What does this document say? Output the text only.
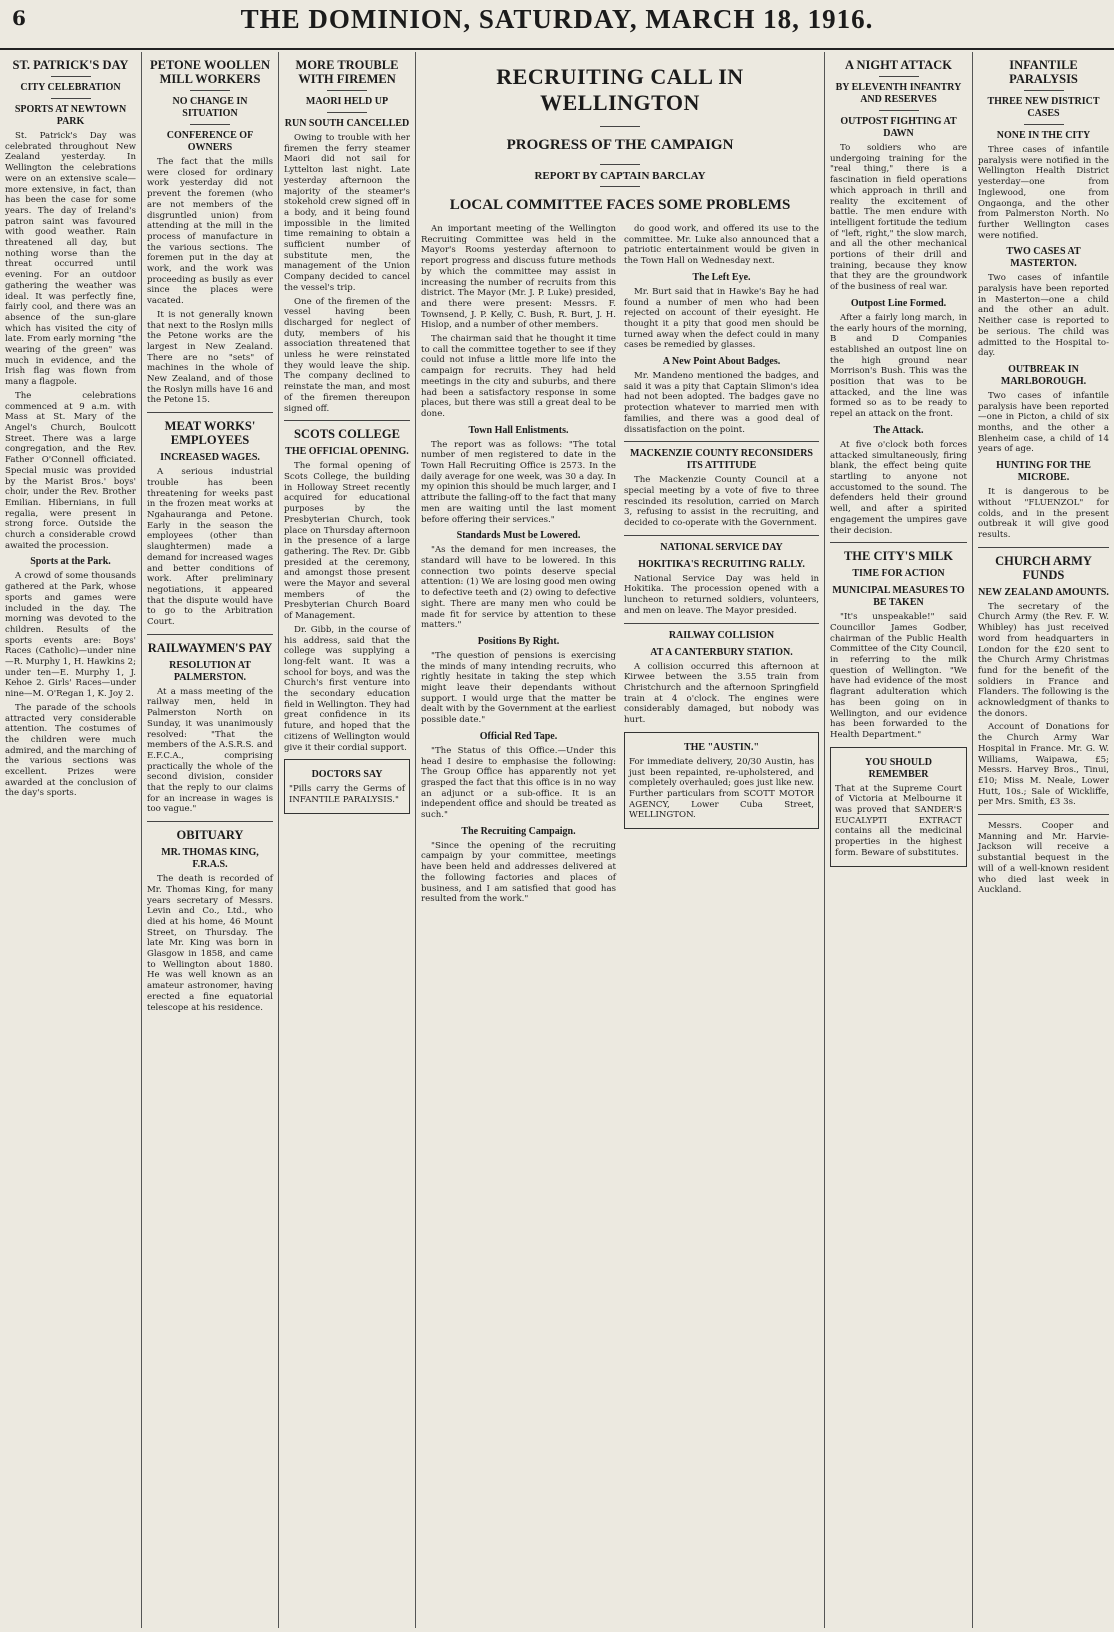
6	THE DOMINION, SATURDAY, MARCH 18, 1916.
ST. PATRICK'S DAY
CITY CELEBRATION
SPORTS AT NEWTOWN PARK

St. Patrick's Day was celebrated throughout New Zealand yesterday. In Wellington the celebrations were on an extensive scale—more extensive, in fact, than has been the case for some years. The day of Ireland's patron saint was favoured with good weather. Rain threatened all day, but nothing worse than the threat occurred until evening. For an outdoor gathering the weather was ideal. It was perfectly fine, fairly cool, and there was an absence of the sun-glare which has visited the city of late. From early morning "the wearing of the green" was much in evidence, and the Irish flag was flown from many a flagpole.

The celebrations commenced at 9 a.m. with Mass at St. Mary of the Angel's Church, Boulcott Street. There was a large congregation, and the Rev. Father O'Connell officiated. Special music was provided by the Marist Bros.' boys' choir, under the Rev. Brother Emilian. Hibernians, in full regalia, were present in strong force. Outside the church a considerable crowd awaited the procession.

Sports at the Park.

A crowd of some thousands gathered at the Park, whose sports and games were included in the day. The morning was devoted to the children. Results of the sports events are: Boys' Races (Catholic)—under nine—R. Murphy 1, H. Hawkins 2; under ten—E. Murphy 1, J. Kehoe 2. Girls' Races—under nine—M. O'Regan 1, K. Joy 2.

The parade of the schools attracted very considerable attention. The costumes of the children were much admired, and the marching of the various sections was excellent. Prizes were awarded at the conclusion of the day's sports.

PETONE WOOLLEN MILL WORKERS
NO CHANGE IN SITUATION
CONFERENCE OF OWNERS

The fact that the mills were closed for ordinary work yesterday did not prevent the foremen (who are not members of the disgruntled union) from attending at the mill in the process of manufacture in the various sections. The foremen put in the day at work, and the work was proceeding as busily as ever since the places were vacated.

It is not generally known that next to the Roslyn mills the Petone works are the largest in New Zealand. There are no "sets" of machines in the whole of New Zealand, and of those the Roslyn mills have 16 and the Petone 15.

MEAT WORKS' EMPLOYEES
INCREASED WAGES.

A serious industrial trouble has been threatening for weeks past in the frozen meat works at Ngahauranga and Petone. Early in the season the employees (other than slaughtermen) made a demand for increased wages and better conditions of work. After preliminary negotiations, it appeared that the dispute would have to go to the Arbitration Court.

RAILWAYMEN'S PAY
RESOLUTION AT PALMERSTON.

At a mass meeting of the railway men, held in Palmerston North on Sunday, it was unanimously resolved: "That the members of the A.S.R.S. and E.F.C.A., comprising practically the whole of the second division, consider that the reply to our claims for an increase in wages is too vague."

OBITUARY
MR. THOMAS KING, F.R.A.S.

The death is recorded of Mr. Thomas King, for many years secretary of Messrs. Levin and Co., Ltd., who died at his home, 46 Mount Street, on Thursday. The late Mr. King was born in Glasgow in 1858, and came to Wellington about 1880. He was well known as an amateur astronomer, having erected a fine equatorial telescope at his residence.

MORE TROUBLE WITH FIREMEN
MAORI HELD UP
RUN SOUTH CANCELLED

Owing to trouble with her firemen the ferry steamer Maori did not sail for Lyttelton last night. Late yesterday afternoon the majority of the steamer's stokehold crew signed off in a body, and it being found impossible in the limited time remaining to obtain a sufficient number of substitute men, the management of the Union Company decided to cancel the vessel's trip.

One of the firemen of the vessel having been discharged for neglect of duty, members of his association threatened that unless he were reinstated they would leave the ship. The company declined to reinstate the man, and most of the firemen thereupon signed off.

SCOTS COLLEGE
THE OFFICIAL OPENING.

The formal opening of Scots College, the building in Holloway Street recently acquired for educational purposes by the Presbyterian Church, took place on Thursday afternoon in the presence of a large gathering. The Rev. Dr. Gibb presided at the ceremony, and amongst those present were the Mayor and several members of the Presbyterian Church Board of Management.

Dr. Gibb, in the course of his address, said that the college was supplying a long-felt want. It was a school for boys, and was the Church's first venture into the secondary education field in Wellington. They had great confidence in its future, and hoped that the citizens of Wellington would give it their cordial support.

DOCTORS SAY

"Pills carry the Germs of INFANTILE PARALYSIS."

RECRUITING CALL IN WELLINGTON
PROGRESS OF THE CAMPAIGN
REPORT BY CAPTAIN BARCLAY
LOCAL COMMITTEE FACES SOME PROBLEMS

An important meeting of the Wellington Recruiting Committee was held in the Mayor's Rooms yesterday afternoon to report progress and discuss future methods by which the committee may assist in increasing the number of recruits from this district. The Mayor (Mr. J. P. Luke) presided, and there were present: Messrs. F. Townsend, J. P. Kelly, C. Bush, R. Burt, J. H. Hislop, and a number of other members.

The chairman said that he thought it time to call the committee together to see if they could not infuse a little more life into the campaign for recruits. They had held meetings in the city and suburbs, and there had been a satisfactory response in some places, but there was still a great deal to be done.

Town Hall Enlistments.

The report was as follows: "The total number of men registered to date in the Town Hall Recruiting Office is 2573. In the daily average for one week, was 30 a day. In my opinion this should be much larger, and I attribute the falling-off to the fact that many men are waiting until the last moment before offering their services."

Standards Must be Lowered.

"As the demand for men increases, the standard will have to be lowered. In this connection two points deserve special attention: (1) We are losing good men owing to defective teeth and (2) owing to defective sight. There are many men who could be made fit for service by attention to these matters."

Positions By Right.

"The question of pensions is exercising the minds of many intending recruits, who rightly hesitate in taking the step which might leave their dependants without support. I would urge that the matter be dealt with by the Government at the earliest possible date."

Official Red Tape.

"The Status of this Office.—Under this head I desire to emphasise the following: The Group Office has apparently not yet grasped the fact that this office is in no way an adjunct or a sub-office. It is an independent office and should be treated as such."

The Recruiting Campaign.

"Since the opening of the recruiting campaign by your committee, meetings have been held and addresses delivered at the following factories and places of business, and I am satisfied that good has resulted from the work."

do good work, and offered its use to the committee. Mr. Luke also announced that a patriotic entertainment would be given in the Town Hall on Wednesday next.

The Left Eye.

Mr. Burt said that in Hawke's Bay he had found a number of men who had been rejected on account of their eyesight. He thought it a pity that good men should be turned away when the defect could in many cases be remedied by glasses.

A New Point About Badges.

Mr. Mandeno mentioned the badges, and said it was a pity that Captain Slimon's idea had not been adopted. The badges gave no protection whatever to married men with families, and there was a good deal of dissatisfaction on the point.

MACKENZIE COUNTY RECONSIDERS ITS ATTITUDE

The Mackenzie County Council at a special meeting by a vote of five to three rescinded its resolution, carried on March 3, refusing to assist in the recruiting, and decided to co-operate with the Government.

NATIONAL SERVICE DAY
HOKITIKA'S RECRUITING RALLY.

National Service Day was held in Hokitika. The procession opened with a luncheon to returned soldiers, volunteers, and men on leave. The Mayor presided.

RAILWAY COLLISION
AT A CANTERBURY STATION.

A collision occurred this afternoon at Kirwee between the 3.55 train from Christchurch and the afternoon Springfield train at 4 o'clock. The engines were considerably damaged, but nobody was hurt.

THE "AUSTIN."

For immediate delivery, 20/30 Austin, has just been repainted, re-upholstered, and completely overhauled; goes just like new. Further particulars from SCOTT MOTOR AGENCY, Lower Cuba Street, WELLINGTON.

A NIGHT ATTACK
BY ELEVENTH INFANTRY AND RESERVES
OUTPOST FIGHTING AT DAWN

To soldiers who are undergoing training for the "real thing," there is a fascination in field operations which approach in thrill and reality the excitement of battle. The men endure with intelligent fortitude the tedium of "left, right," the slow march, and all the other mechanical portions of their drill and training, because they know that they are the groundwork of the business of real war.

Outpost Line Formed.

After a fairly long march, in the early hours of the morning, B and D Companies established an outpost line on the high ground near Morrison's Bush. This was the position that was to be attacked, and the line was formed so as to be ready to repel an attack on the front.

The Attack.

At five o'clock both forces attacked simultaneously, firing blank, the effect being quite startling to anyone not accustomed to the sound. The defenders held their ground well, and after a spirited engagement the umpires gave their decision.

THE CITY'S MILK
TIME FOR ACTION
MUNICIPAL MEASURES TO BE TAKEN

"It's unspeakable!" said Councillor James Godber, chairman of the Public Health Committee of the City Council, in referring to the milk question of Wellington. "We have had evidence of the most flagrant adulteration which has been going on in Wellington, and our evidence has been forwarded to the Health Department."

YOU SHOULD REMEMBER

That at the Supreme Court of Victoria at Melbourne it was proved that SANDER'S EUCALYPTI EXTRACT contains all the medicinal properties in the highest form. Beware of substitutes.

INFANTILE PARALYSIS
THREE NEW DISTRICT CASES
NONE IN THE CITY

Three cases of infantile paralysis were notified in the Wellington Health District yesterday—one from Inglewood, one from Ongaonga, and the other from Palmerston North. No further Wellington cases were notified.

TWO CASES AT MASTERTON.

Two cases of infantile paralysis have been reported in Masterton—one a child and the other an adult. Neither case is reported to be serious. The child was admitted to the Hospital to-day.

OUTBREAK IN MARLBOROUGH.

Two cases of infantile paralysis have been reported—one in Picton, a child of six months, and the other a Blenheim case, a child of 14 years of age.

HUNTING FOR THE MICROBE.

It is dangerous to be without "FLUENZOL" for colds, and in the present outbreak it will give good results.

CHURCH ARMY FUNDS
NEW ZEALAND AMOUNTS.

The secretary of the Church Army (the Rev. F. W. Whibley) has just received word from headquarters in London for the £20 sent to the Church Army Christmas fund for the benefit of the soldiers in France and Flanders. The following is the acknowledgment of thanks to the donors.

Account of Donations for the Church Army War Hospital in France. Mr. G. W. Williams, Waipawa, £5; Messrs. Harvey Bros., Tinui, £10; Miss M. Neale, Lower Hutt, 10s.; Sale of Wickliffe, per Mrs. Smith, £3 3s.

Messrs. Cooper and Manning and Mr. Harvie-Jackson will receive a substantial bequest in the will of a well-known resident who died last week in Auckland.
